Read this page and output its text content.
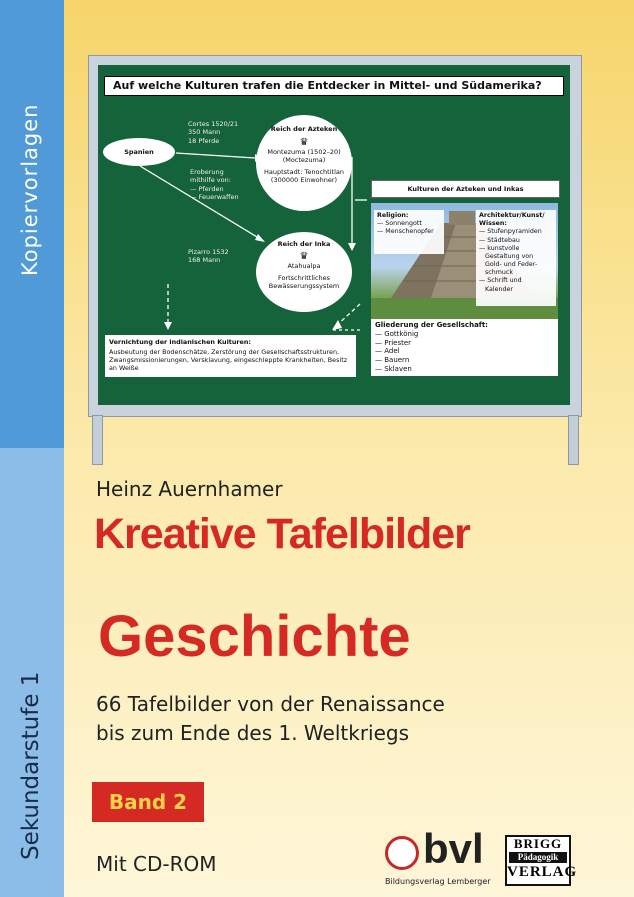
Kopiervorlagen
Sekundarstufe 1
Auf welche Kulturen trafen die Entdecker in Mittel- und Südamerika?
Spanien
Cortes 1520/21
350 Mann
18 Pferde
Eroberung
mithilfe von:
— Pferden
— Feuerwaffen
Pizarro 1532
168 Mann
Reich der Azteken
♛
Montezuma (1502–20)
(Moctezuma)
Hauptstadt: Tenochtitlan
(300000 Einwohner)
Reich der Inka
♛
Atahualpa
Fortschrittliches
Bewässerungssystem
Kulturen der Azteken und Inkas
Religion:
— Sonnengott
— Menschenopfer
Architektur/Kunst/
Wissen:
— Stufenpyramiden
— Städtebau
— kunstvolle
Gestaltung von
Gold- und Feder-
schmuck
— Schrift und
Kalender
Gliederung der Gesellschaft:
— Gottkönig
— Priester
— Adel
— Bauern
— Sklaven
Vernichtung der indianischen Kulturen:
Ausbeutung der Bodenschätze, Zerstörung der Gesellschaftsstrukturen, Zwangsmissionierungen, Versklavung, eingeschleppte Krankheiten, Besitz an Weiße
Heinz Auernhamer
Kreative Tafelbilder
Geschichte
66 Tafelbilder von der Renaissance
bis zum Ende des 1. Weltkriegs
Band 2
Mit CD-ROM	bvl
Bildungsverlag Lemberger
BRIGG
Pädagogik
VERLAG
